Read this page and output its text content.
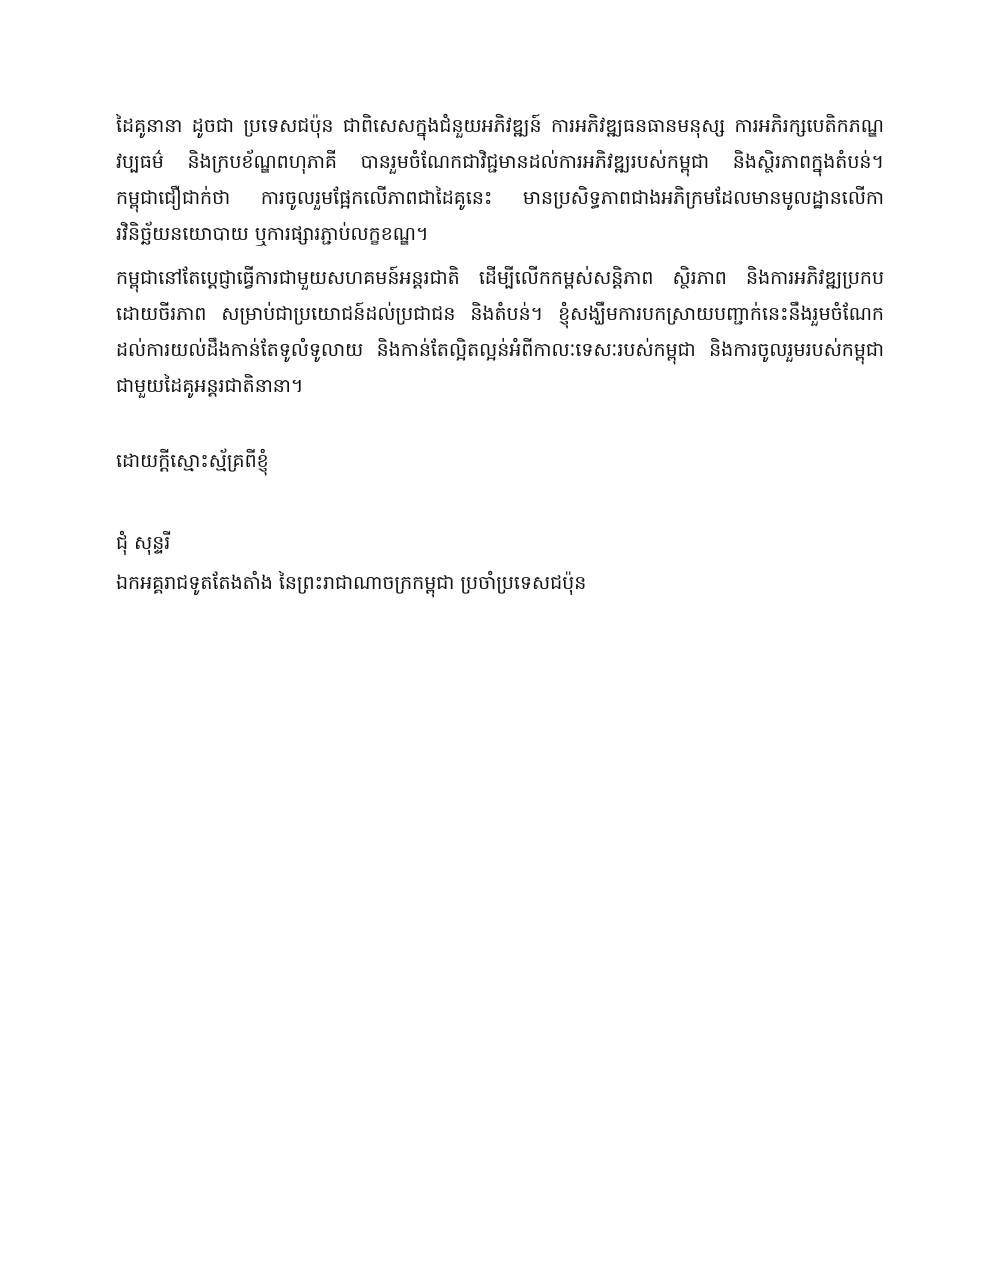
ដៃគូនានា ដូចជា ប្រទេសជប៉ុន ជាពិសេសក្នុងជំនួយអភិវឌ្ឍន៍ ការអភិវឌ្ឍធនធានមនុស្ស ការអភិរក្សបេតិកភណ្ឌវប្បធម៌ និងក្របខ័ណ្ឌពហុភាគី បានរួមចំណែកជាវិជ្ជមានដល់ការអភិវឌ្ឍរបស់កម្ពុជា និងស្ថិរភាពក្នុងតំបន់។ កម្ពុជាជឿជាក់ថា ការចូលរួមផ្អែកលើភាពជាដៃគូនេះ មានប្រសិទ្ធភាពជាងអភិក្រមដែលមានមូលដ្ឋានលើការវិនិច្ឆ័យនយោបាយ ឬការផ្សារភ្ជាប់លក្ខខណ្ឌ។

កម្ពុជានៅតែប្តេជ្ញាធ្វើការជាមួយសហគមន៍អន្តរជាតិ ដើម្បីលើកកម្ពស់សន្តិភាព ស្ថិរភាព និងការអភិវឌ្ឍប្រកបដោយចីរភាព សម្រាប់ជាប្រយោជន៍ដល់ប្រជាជន និងតំបន់។ ខ្ញុំសង្ឃឹមការបកស្រាយបញ្ជាក់នេះនឹងរួមចំណែកដល់ការយល់ដឹងកាន់តែទូលំទូលាយ និងកាន់តែល្អិតល្អន់អំពីកាលៈទេសៈរបស់កម្ពុជា និងការចូលរួមរបស់កម្ពុជាជាមួយដៃគូអន្តរជាតិនានា។

ដោយក្តីស្មោះស្ម័គ្រពីខ្ញុំ

ជុំ សុន្ទរី

ឯកអគ្គរាជទូតតែងតាំង នៃព្រះរាជាណាចក្រកម្ពុជា ប្រចាំប្រទេសជប៉ុន
